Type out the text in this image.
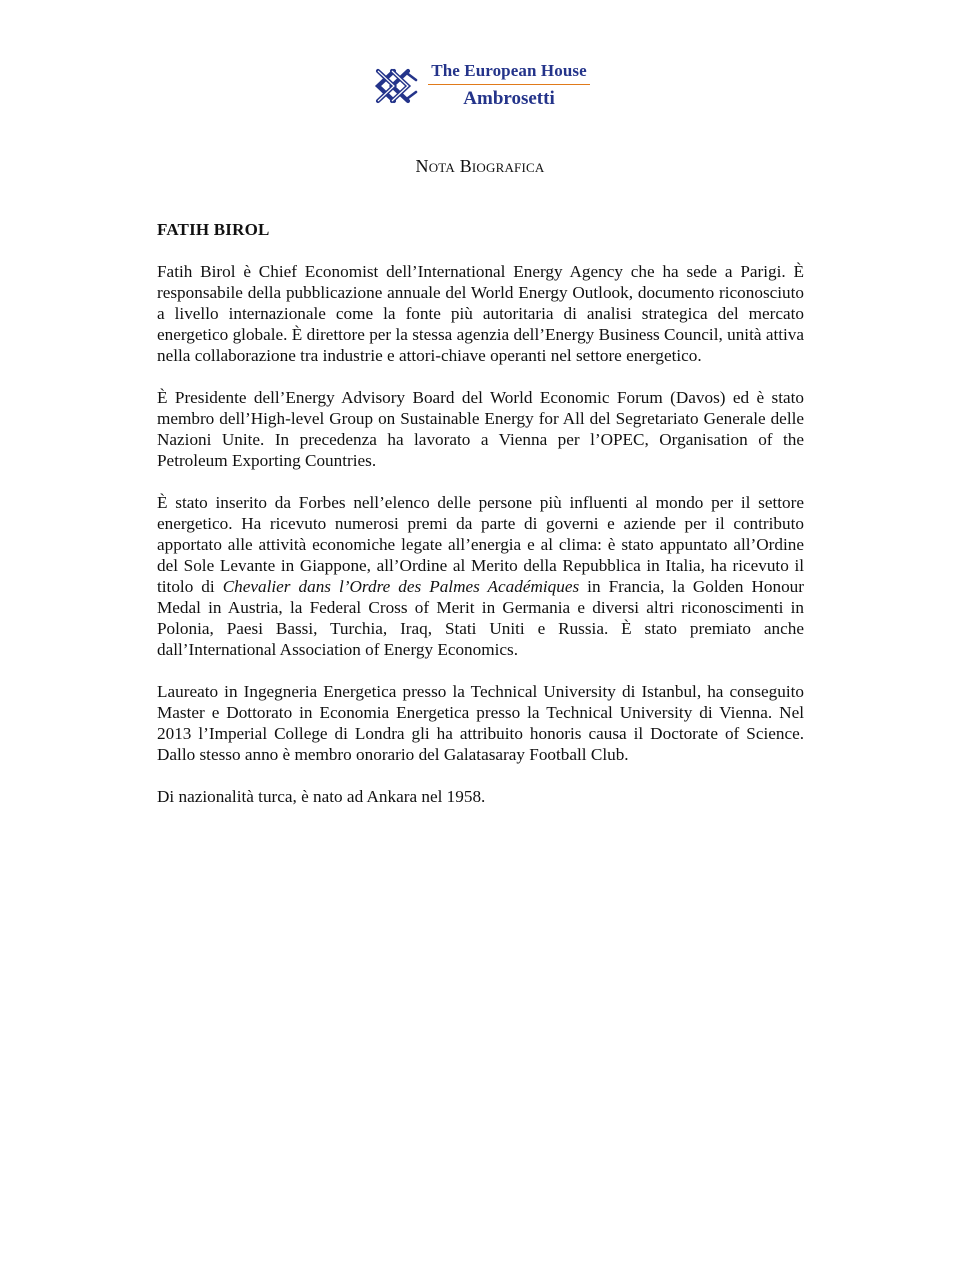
The European House
Ambrosetti
Nota Biografica
FATIH BIROL

Fatih Birol è Chief Economist dell’International Energy Agency che ha sede a Parigi. È responsabile della pubblicazione annuale del World Energy Outlook, documento riconosciuto a livello internazionale come la fonte più autoritaria di analisi strategica del mercato energetico globale. È direttore per la stessa agenzia dell’Energy Business Council, unità attiva nella collaborazione tra industrie e attori-chiave operanti nel settore energetico.

È Presidente dell’Energy Advisory Board del World Economic Forum (Davos) ed è stato membro dell’High-level Group on Sustainable Energy for All del Segretariato Generale delle Nazioni Unite. In precedenza ha lavorato a Vienna per l’OPEC, Organisation of the Petroleum Exporting Countries.

È stato inserito da Forbes nell’elenco delle persone più influenti al mondo per il settore energetico. Ha ricevuto numerosi premi da parte di governi e aziende per il contributo apportato alle attività economiche legate all’energia e al clima: è stato appuntato all’Ordine del Sole Levante in Giappone, all’Ordine al Merito della Repubblica in Italia, ha ricevuto il titolo di Chevalier dans l’Ordre des Palmes Académiques in Francia, la Golden Honour Medal in Austria, la Federal Cross of Merit in Germania e diversi altri riconoscimenti in Polonia, Paesi Bassi, Turchia, Iraq, Stati Uniti e Russia. È stato premiato anche dall’International Association of Energy Economics.

Laureato in Ingegneria Energetica presso la Technical University di Istanbul, ha conseguito Master e Dottorato in Economia Energetica presso la Technical University di Vienna. Nel 2013 l’Imperial College di Londra gli ha attribuito honoris causa il Doctorate of Science. Dallo stesso anno è membro onorario del Galatasaray Football Club.

Di nazionalità turca, è nato ad Ankara nel 1958.
